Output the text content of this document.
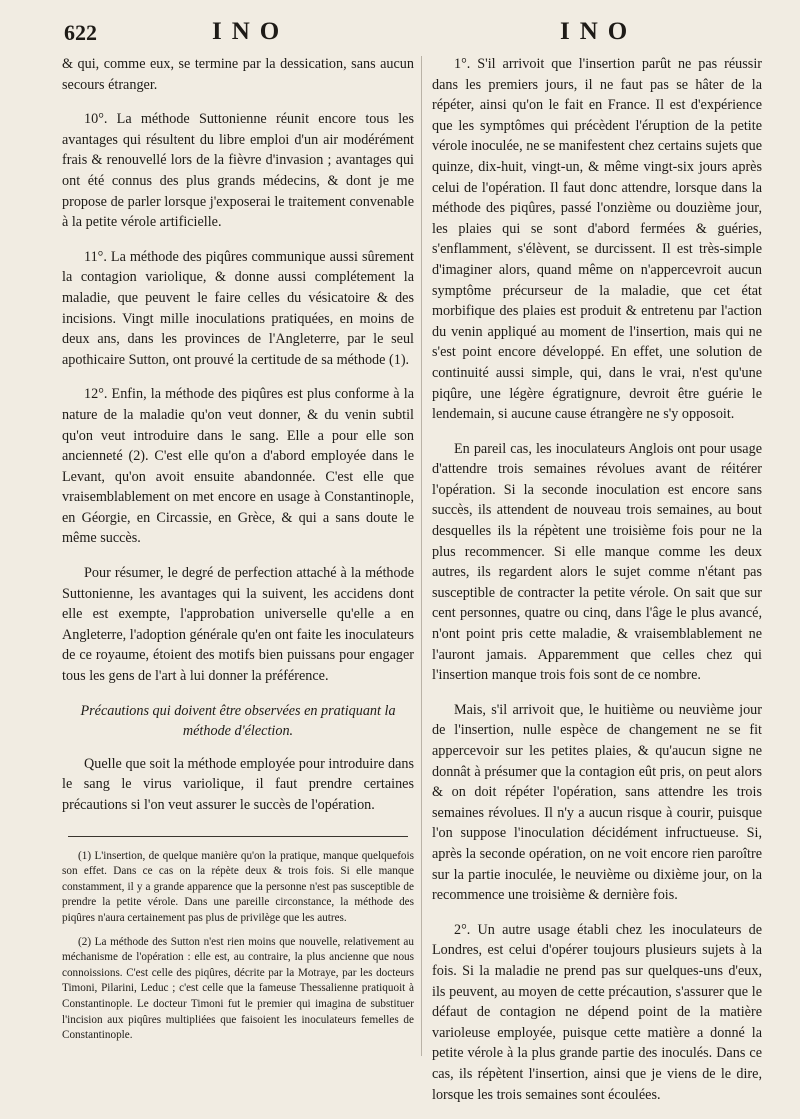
622	INO	INO

& qui, comme eux, se termine par la dessication, sans aucun secours étranger.

10°. La méthode Suttonienne réunit encore tous les avantages qui résultent du libre emploi d'un air modérément frais & renouvellé lors de la fièvre d'invasion ; avantages qui ont été connus des plus grands médecins, & dont je me propose de parler lorsque j'exposerai le traitement convenable à la petite vérole artificielle.

11°. La méthode des piqûres communique aussi sûrement la contagion variolique, & donne aussi complétement la maladie, que peuvent le faire celles du vésicatoire & des incisions. Vingt mille inoculations pratiquées, en moins de deux ans, dans les provinces de l'Angleterre, par le seul apothicaire Sutton, ont prouvé la certitude de sa méthode (1).

12°. Enfin, la méthode des piqûres est plus conforme à la nature de la maladie qu'on veut donner, & du venin subtil qu'on veut introduire dans le sang. Elle a pour elle son ancienneté (2). C'est elle qu'on a d'abord employée dans le Levant, qu'on avoit ensuite abandonnée. C'est elle que vraisemblablement on met encore en usage à Constantinople, en Géorgie, en Circassie, en Grèce, & qui a sans doute le même succès.

Pour résumer, le degré de perfection attaché à la méthode Suttonienne, les avantages qui la suivent, les accidens dont elle est exempte, l'approbation universelle qu'elle a en Angleterre, l'adoption générale qu'en ont faite les inoculateurs de ce royaume, étoient des motifs bien puissans pour engager tous les gens de l'art à lui donner la préférence.

Précautions qui doivent être observées en pratiquant la méthode d'élection.

Quelle que soit la méthode employée pour introduire dans le sang le virus variolique, il faut prendre certaines précautions si l'on veut assurer le succès de l'opération.

(1) L'insertion, de quelque manière qu'on la pratique, manque quelquefois son effet. Dans ce cas on la répète deux & trois fois. Si elle manque constamment, il y a grande apparence que la personne n'est pas susceptible de prendre la petite vérole. Dans une pareille circonstance, la méthode des piqûres n'aura certainement pas plus de privilège que les autres.

(2) La méthode des Sutton n'est rien moins que nouvelle, relativement au méchanisme de l'opération : elle est, au contraire, la plus ancienne que nous connoissions. C'est celle des piqûres, décrite par la Motraye, par les docteurs Timoni, Pilarini, Leduc ; c'est celle que la fameuse Thessalienne pratiquoit à Constantinople. Le docteur Timoni fut le premier qui imagina de substituer l'incision aux piqûres multipliées que faisoient les inoculateurs femelles de Constantinople.

1°. S'il arrivoit que l'insertion parût ne pas réussir dans les premiers jours, il ne faut pas se hâter de la répéter, ainsi qu'on le fait en France. Il est d'expérience que les symptômes qui précèdent l'éruption de la petite vérole inoculée, ne se manifestent chez certains sujets que quinze, dix-huit, vingt-un, & même vingt-six jours après celui de l'opération. Il faut donc attendre, lorsque dans la méthode des piqûres, passé l'onzième ou douzième jour, les plaies qui se sont d'abord fermées & guéries, s'enflamment, s'élèvent, se durcissent. Il est très-simple d'imaginer alors, quand même on n'appercevroit aucun symptôme précurseur de la maladie, que cet état morbifique des plaies est produit & entretenu par l'action du venin appliqué au moment de l'insertion, mais qui ne s'est point encore développé. En effet, une solution de continuité aussi simple, qui, dans le vrai, n'est qu'une piqûre, une légère égratignure, devroit être guérie le lendemain, si aucune cause étrangère ne s'y opposoit.

En pareil cas, les inoculateurs Anglois ont pour usage d'attendre trois semaines révolues avant de réitérer l'opération. Si la seconde inoculation est encore sans succès, ils attendent de nouveau trois semaines, au bout desquelles ils la répètent une troisième fois pour ne la plus recommencer. Si elle manque comme les deux autres, ils regardent alors le sujet comme n'étant pas susceptible de contracter la petite vérole. On sait que sur cent personnes, quatre ou cinq, dans l'âge le plus avancé, n'ont point pris cette maladie, & vraisemblablement ne l'auront jamais. Apparemment que celles chez qui l'insertion manque trois fois sont de ce nombre.

Mais, s'il arrivoit que, le huitième ou neuvième jour de l'insertion, nulle espèce de changement ne se fit appercevoir sur les petites plaies, & qu'aucun signe ne donnât à présumer que la contagion eût pris, on peut alors & on doit répéter l'opération, sans attendre les trois semaines révolues. Il n'y a aucun risque à courir, puisque l'on suppose l'inoculation décidément infructueuse. Si, après la seconde opération, on ne voit encore rien paroître sur la partie inoculée, le neuvième ou dixième jour, on la recommence une troisième & dernière fois.

2°. Un autre usage établi chez les inoculateurs de Londres, est celui d'opérer toujours plusieurs sujets à la fois. Si la maladie ne prend pas sur quelques-uns d'eux, ils peuvent, au moyen de cette précaution, s'assurer que le défaut de contagion ne dépend point de la matière varioleuse employée, puisque cette matière a donné la petite vérole à la plus grande partie des inoculés. Dans ce cas, ils répètent l'insertion, ainsi que je viens de le dire, lorsque les trois semaines sont écoulées.
